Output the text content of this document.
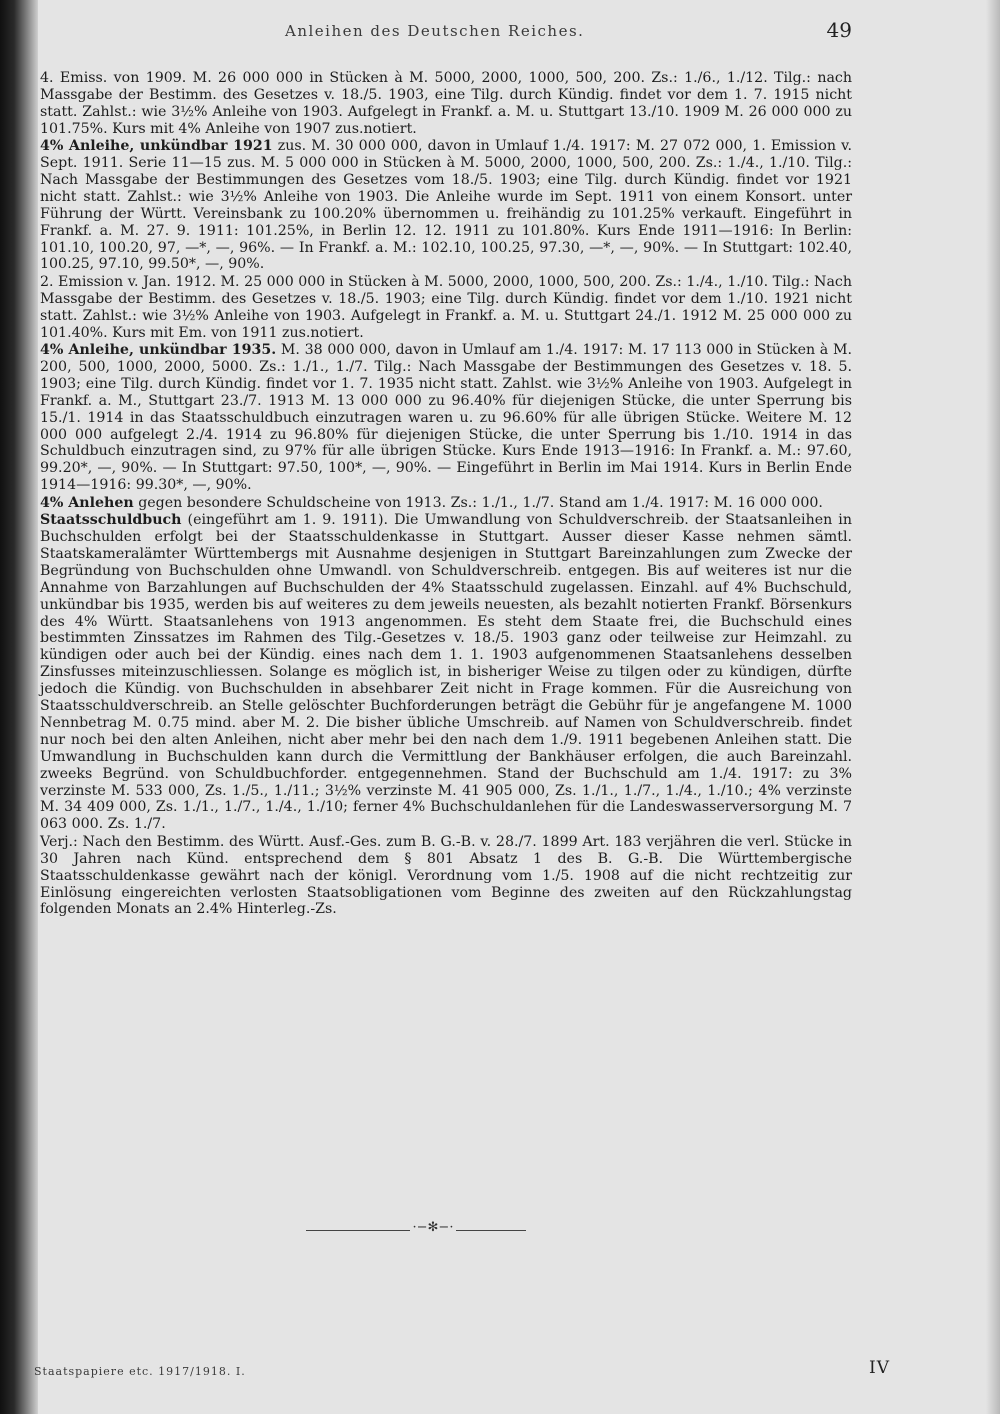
Anleihen des Deutschen Reiches.	49

4. Emiss. von 1909. M. 26 000 000 in Stücken à M. 5000, 2000, 1000, 500, 200. Zs.: 1./6., 1./12. Tilg.: nach Massgabe der Bestimm. des Gesetzes v. 18./5. 1903, eine Tilg. durch Kündig. findet vor dem 1. 7. 1915 nicht statt. Zahlst.: wie 3½% Anleihe von 1903. Aufgelegt in Frankf. a. M. u. Stuttgart 13./10. 1909 M. 26 000 000 zu 101.75%. Kurs mit 4% Anleihe von 1907 zus.notiert.

4% Anleihe, unkündbar 1921 zus. M. 30 000 000, davon in Umlauf 1./4. 1917: M. 27 072 000, 1. Emission v. Sept. 1911. Serie 11—15 zus. M. 5 000 000 in Stücken à M. 5000, 2000, 1000, 500, 200. Zs.: 1./4., 1./10. Tilg.: Nach Massgabe der Bestimmungen des Gesetzes vom 18./5. 1903; eine Tilg. durch Kündig. findet vor 1921 nicht statt. Zahlst.: wie 3½% Anleihe von 1903. Die Anleihe wurde im Sept. 1911 von einem Konsort. unter Führung der Württ. Vereinsbank zu 100.20% übernommen u. freihändig zu 101.25% verkauft. Eingeführt in Frankf. a. M. 27. 9. 1911: 101.25%, in Berlin 12. 12. 1911 zu 101.80%. Kurs Ende 1911—1916: In Berlin: 101.10, 100.20, 97, —*, —, 96%. — In Frankf. a. M.: 102.10, 100.25, 97.30, —*, —, 90%. — In Stuttgart: 102.40, 100.25, 97.10, 99.50*, —, 90%.

2. Emission v. Jan. 1912. M. 25 000 000 in Stücken à M. 5000, 2000, 1000, 500, 200. Zs.: 1./4., 1./10. Tilg.: Nach Massgabe der Bestimm. des Gesetzes v. 18./5. 1903; eine Tilg. durch Kündig. findet vor dem 1./10. 1921 nicht statt. Zahlst.: wie 3½% Anleihe von 1903. Aufgelegt in Frankf. a. M. u. Stuttgart 24./1. 1912 M. 25 000 000 zu 101.40%. Kurs mit Em. von 1911 zus.notiert.

4% Anleihe, unkündbar 1935. M. 38 000 000, davon in Umlauf am 1./4. 1917: M. 17 113 000 in Stücken à M. 200, 500, 1000, 2000, 5000. Zs.: 1./1., 1./7. Tilg.: Nach Massgabe der Bestimmungen des Gesetzes v. 18. 5. 1903; eine Tilg. durch Kündig. findet vor 1. 7. 1935 nicht statt. Zahlst. wie 3½% Anleihe von 1903. Aufgelegt in Frankf. a. M., Stuttgart 23./7. 1913 M. 13 000 000 zu 96.40% für diejenigen Stücke, die unter Sperrung bis 15./1. 1914 in das Staatsschuldbuch einzutragen waren u. zu 96.60% für alle übrigen Stücke. Weitere M. 12 000 000 aufgelegt 2./4. 1914 zu 96.80% für diejenigen Stücke, die unter Sperrung bis 1./10. 1914 in das Schuldbuch einzutragen sind, zu 97% für alle übrigen Stücke. Kurs Ende 1913—1916: In Frankf. a. M.: 97.60, 99.20*, —, 90%. — In Stuttgart: 97.50, 100*, —, 90%. — Eingeführt in Berlin im Mai 1914. Kurs in Berlin Ende 1914—1916: 99.30*, —, 90%.

4% Anlehen gegen besondere Schuldscheine von 1913. Zs.: 1./1., 1./7. Stand am 1./4. 1917: M. 16 000 000.

Staatsschuldbuch (eingeführt am 1. 9. 1911). Die Umwandlung von Schuldverschreib. der Staatsanleihen in Buchschulden erfolgt bei der Staatsschuldenkasse in Stuttgart. Ausser dieser Kasse nehmen sämtl. Staatskameralämter Württembergs mit Ausnahme desjenigen in Stuttgart Bareinzahlungen zum Zwecke der Begründung von Buchschulden ohne Umwandl. von Schuldverschreib. entgegen. Bis auf weiteres ist nur die Annahme von Barzahlungen auf Buchschulden der 4% Staatsschuld zugelassen. Einzahl. auf 4% Buchschuld, unkündbar bis 1935, werden bis auf weiteres zu dem jeweils neuesten, als bezahlt notierten Frankf. Börsenkurs des 4% Württ. Staatsanlehens von 1913 angenommen. Es steht dem Staate frei, die Buchschuld eines bestimmten Zinssatzes im Rahmen des Tilg.-Gesetzes v. 18./5. 1903 ganz oder teilweise zur Heimzahl. zu kündigen oder auch bei der Kündig. eines nach dem 1. 1. 1903 aufgenommenen Staatsanlehens desselben Zinsfusses miteinzuschliessen. Solange es möglich ist, in bisheriger Weise zu tilgen oder zu kündigen, dürfte jedoch die Kündig. von Buchschulden in absehbarer Zeit nicht in Frage kommen. Für die Ausreichung von Staatsschuldverschreib. an Stelle gelöschter Buchforderungen beträgt die Gebühr für je angefangene M. 1000 Nennbetrag M. 0.75 mind. aber M. 2. Die bisher übliche Umschreib. auf Namen von Schuldverschreib. findet nur noch bei den alten Anleihen, nicht aber mehr bei den nach dem 1./9. 1911 begebenen Anleihen statt. Die Umwandlung in Buchschulden kann durch die Vermittlung der Bankhäuser erfolgen, die auch Bareinzahl. zweeks Begründ. von Schuldbuchforder. entgegennehmen. Stand der Buchschuld am 1./4. 1917: zu 3% verzinste M. 533 000, Zs. 1./5., 1./11.; 3½% verzinste M. 41 905 000, Zs. 1./1., 1./7., 1./4., 1./10.; 4% verzinste M. 34 409 000, Zs. 1./1., 1./7., 1./4., 1./10; ferner 4% Buchschuldanlehen für die Landeswasserversorgung M. 7 063 000. Zs. 1./7.

Verj.: Nach den Bestimm. des Württ. Ausf.-Ges. zum B. G.-B. v. 28./7. 1899 Art. 183 verjähren die verl. Stücke in 30 Jahren nach Künd. entsprechend dem § 801 Absatz 1 des B. G.-B. Die Württembergische Staatsschuldenkasse gewährt nach der königl. Verordnung vom 1./5. 1908 auf die nicht rechtzeitig zur Einlösung eingereichten verlosten Staatsobligationen vom Beginne des zweiten auf den Rückzahlungstag folgenden Monats an 2.4% Hinterleg.-Zs.

·−✻−·
Staatspapiere etc. 1917/1918. I.	IV
